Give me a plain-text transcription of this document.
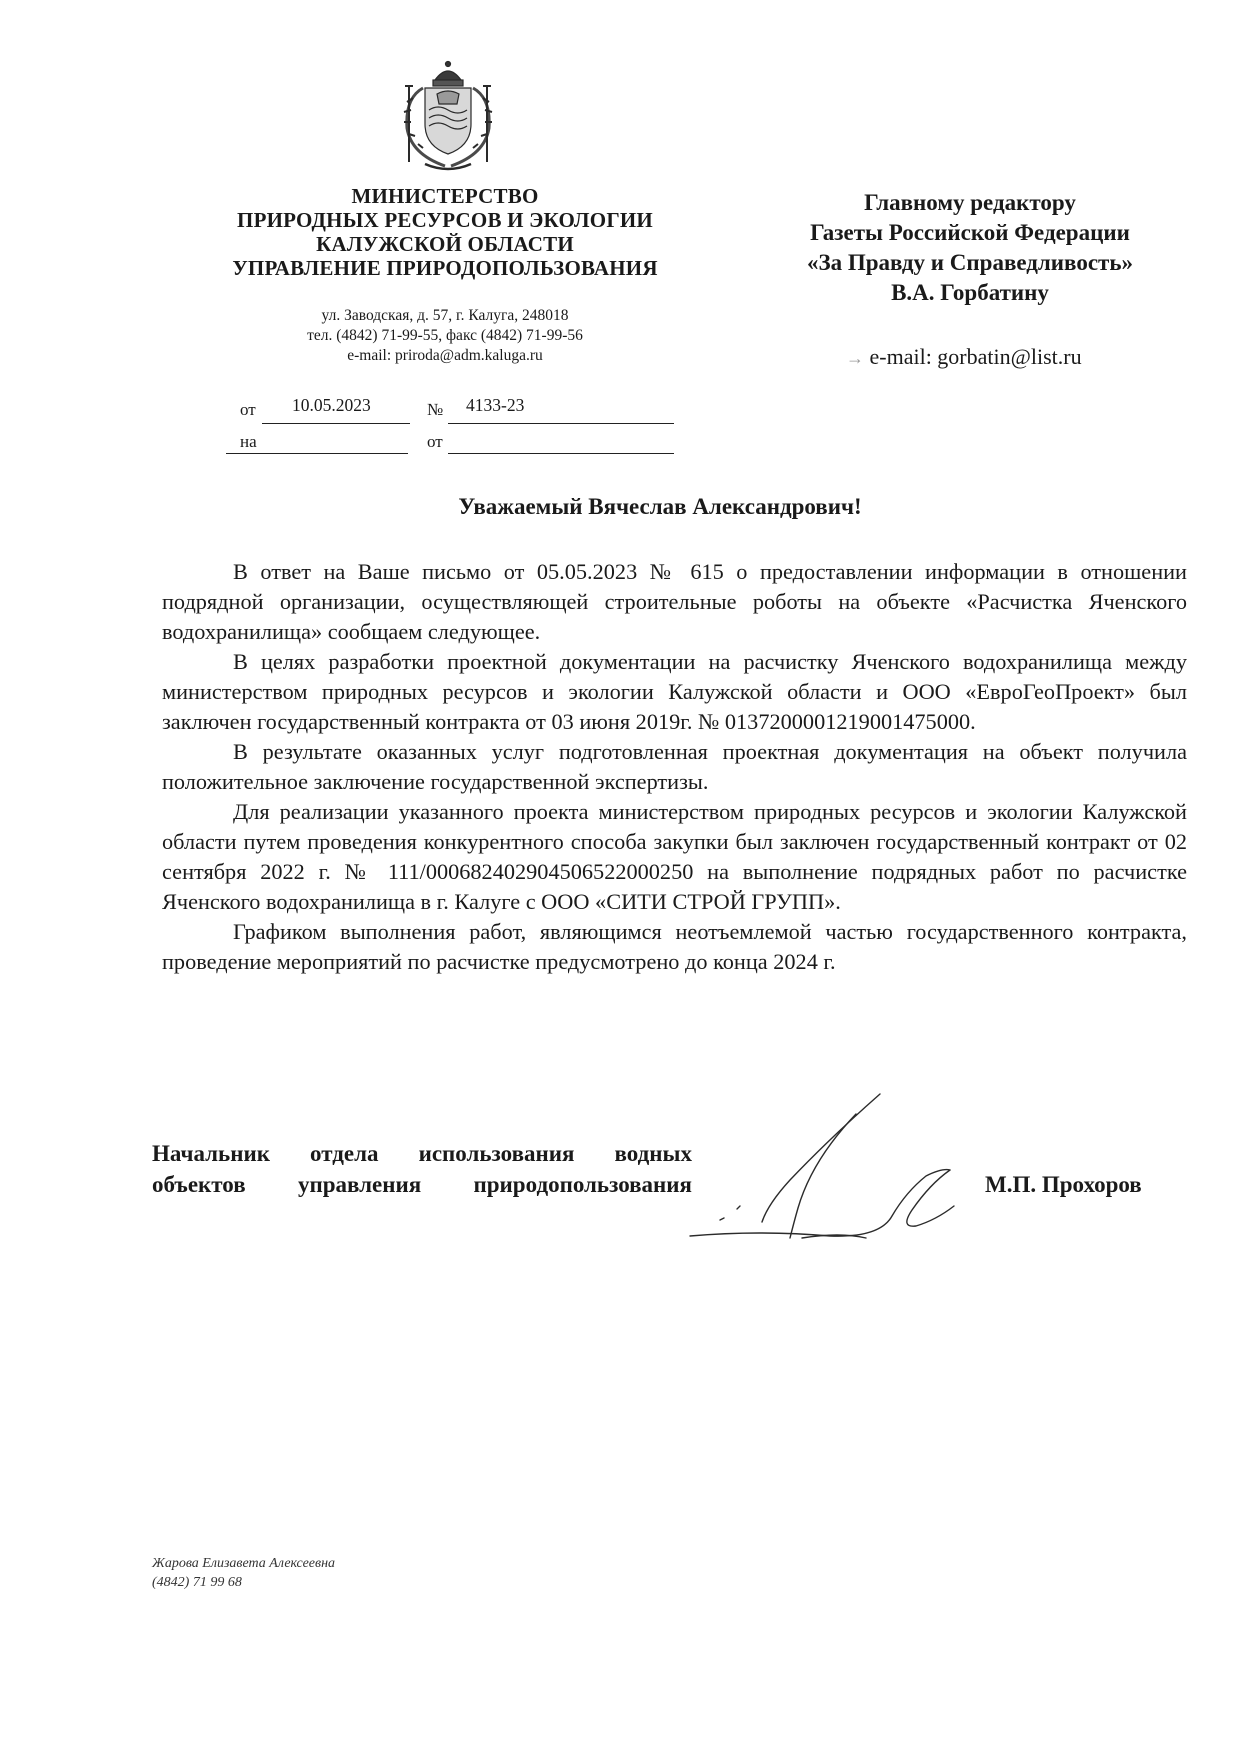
МИНИСТЕРСТВО
ПРИРОДНЫХ РЕСУРСОВ И ЭКОЛОГИИ
КАЛУЖСКОЙ ОБЛАСТИ
УПРАВЛЕНИЕ ПРИРОДОПОЛЬЗОВАНИЯ
ул. Заводская, д. 57, г. Калуга, 248018
тел. (4842) 71-99-55, факс (4842) 71-99-56
e-mail: priroda@adm.kaluga.ru
от 10.05.2023	№ 4133-23
на	от
Главному редактору
Газеты Российской Федерации
«За Правду и Справедливость»
В.А. Горбатину
→ e-mail: gorbatin@list.ru
Уважаемый Вячеслав Александрович!

В ответ на Ваше письмо от 05.05.2023 № 615 о предоставлении информации в отношении подрядной организации, осуществляющей строительные роботы на объекте «Расчистка Яченского водохранилища» сообщаем следующее.

В целях разработки проектной документации на расчистку Яченского водохранилища между министерством природных ресурсов и экологии Калужской области и ООО «ЕвроГеоПроект» был заключен государственный контракта от 03 июня 2019г. № 0137200001219001475000.

В результате оказанных услуг подготовленная проектная документация на объект получила положительное заключение государственной экспертизы.

Для реализации указанного проекта министерством природных ресурсов и экологии Калужской области путем проведения конкурентного способа закупки был заключен государственный контракт от 02 сентября 2022 г. № 111/000682402904506522000250 на выполнение подрядных работ по расчистке Яченского водохранилища в г. Калуге с ООО «СИТИ СТРОЙ ГРУПП».

Графиком выполнения работ, являющимся неотъемлемой частью государственного контракта, проведение мероприятий по расчистке предусмотрено до конца 2024 г.

Начальник отдела использования водных
объектов управления природопользования	М.П. Прохоров
Жарова Елизавета Алексеевна
(4842) 71 99 68
